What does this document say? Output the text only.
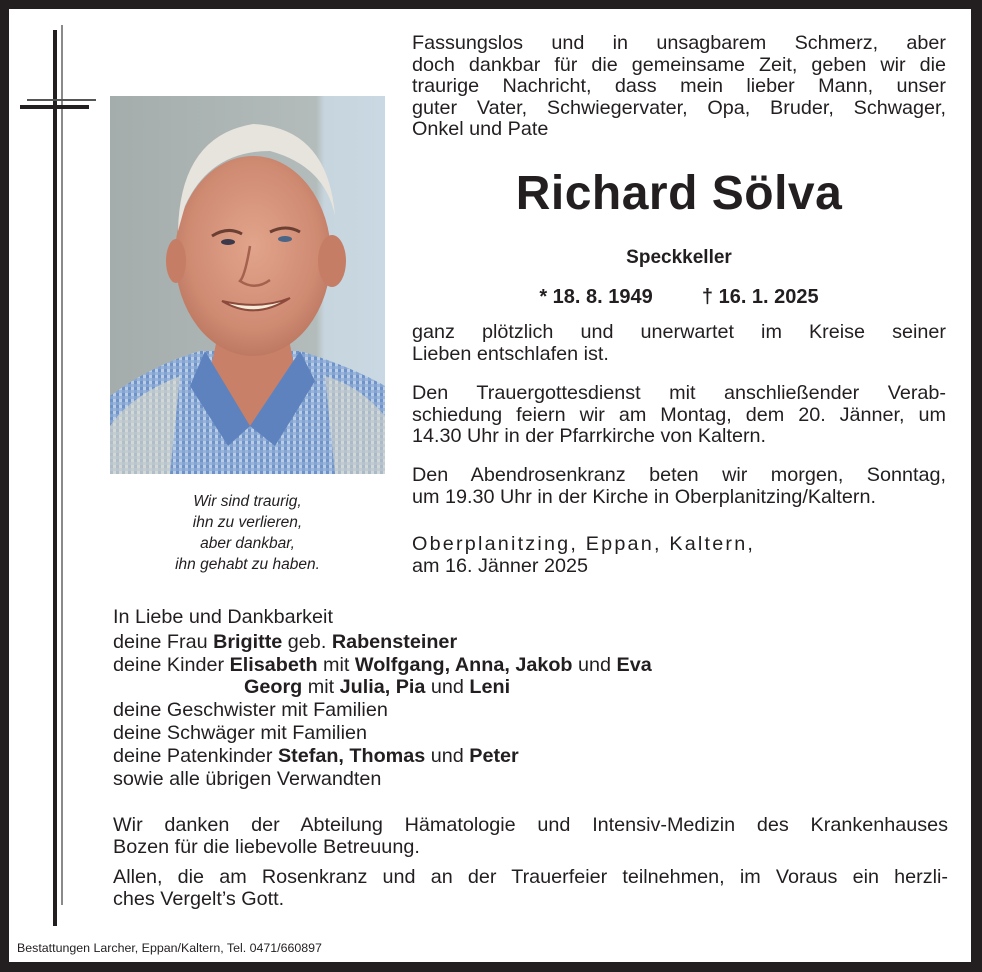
Wir sind traurig,
ihn zu verlieren,
aber dankbar,
ihn gehabt zu haben.
Fassungslos und in unsagbarem Schmerz, aber
doch dankbar für die gemeinsame Zeit, geben wir die
traurige Nachricht, dass mein lieber Mann, unser
guter Vater, Schwiegervater, Opa, Bruder, Schwager,
Onkel und Pate
Richard Sölva
Speckkeller
* 18. 8. 1949 † 16. 1. 2025
ganz plötzlich und unerwartet im Kreise seiner
Lieben entschlafen ist.
Den Trauergottesdienst mit anschließender Verab-
schiedung feiern wir am Montag, dem 20. Jänner, um
14.30 Uhr in der Pfarrkirche von Kaltern.
Den Abendrosenkranz beten wir morgen, Sonntag,
um 19.30 Uhr in der Kirche in Oberplanitzing/Kaltern.
Oberplanitzing, Eppan, Kaltern,
am 16. Jänner 2025
In Liebe und Dankbarkeit
deine Frau Brigitte geb. Rabensteiner
deine Kinder Elisabeth mit Wolfgang, Anna, Jakob und Eva
Georg mit Julia, Pia und Leni
deine Geschwister mit Familien
deine Schwäger mit Familien
deine Patenkinder Stefan, Thomas und Peter
sowie alle übrigen Verwandten
Wir danken der Abteilung Hämatologie und Intensiv-Medizin des Krankenhauses
Bozen für die liebevolle Betreuung.
Allen, die am Rosenkranz und an der Trauerfeier teilnehmen, im Voraus ein herzli-
ches Vergelt’s Gott.
Bestattungen Larcher, Eppan/Kaltern, Tel. 0471/660897
